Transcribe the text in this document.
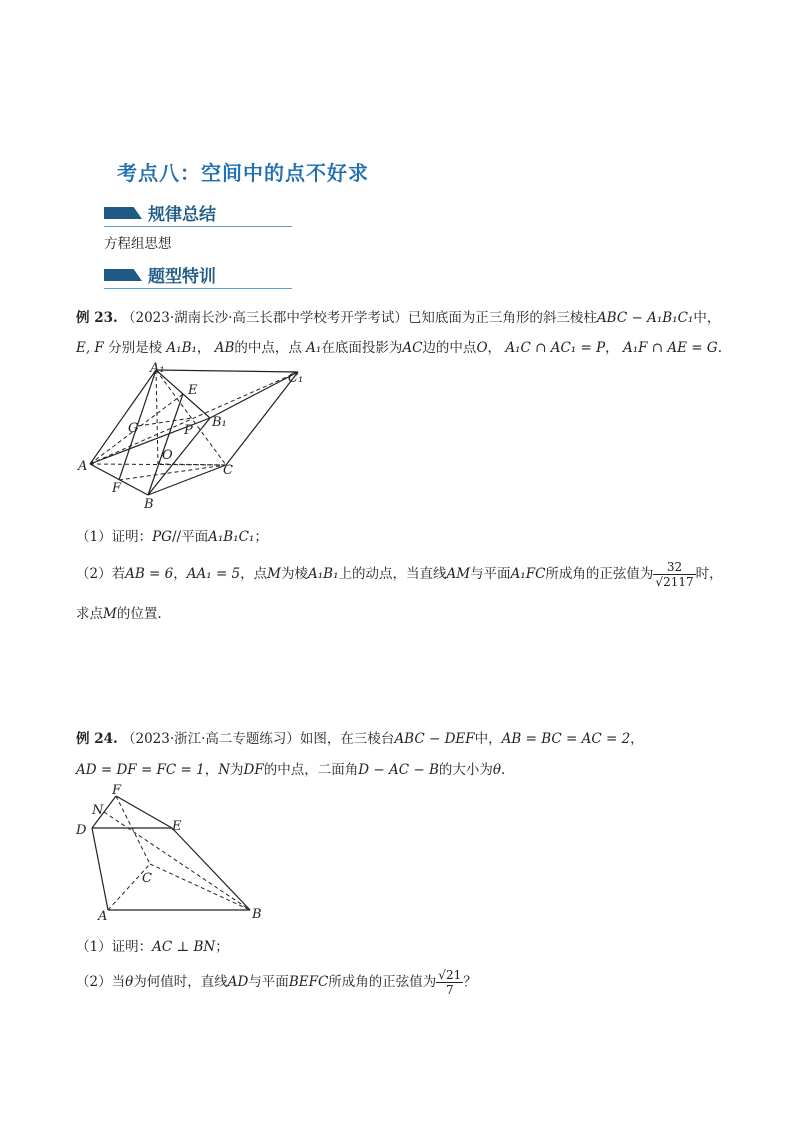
考点八：空间中的点不好求
规律总结
方程组思想
题型特训
例 23. （2023·湖南长沙·高三长郡中学校考开学考试）已知底面为正三角形的斜三棱柱ABC − A₁B₁C₁中，
E, F 分别是棱 A₁B₁， AB的中点，点 A₁在底面投影为AC边的中点O， A₁C ∩ AC₁ = P， A₁F ∩ AE = G.
A₁
E
C₁
B₁
G	P
A
O
C
F
B
（1）证明：PG//平面A₁B₁C₁；
（2）若AB = 6，AA₁ = 5，点M为棱A₁B₁上的动点，当直线AM与平面A₁FC所成角的正弦值为 $\frac{32}{√2117}$ 时，
求点M的位置.
例 24. （2023·浙江·高二专题练习）如图，在三棱台ABC − DEF中，AB = BC = AC = 2，
AD = DF = FC = 1，N为DF的中点，二面角D − AC − B的大小为θ.
F
N
D	E
C
A	B
（1）证明：AC ⊥ BN；
（2）当θ为何值时，直线AD与平面BEFC所成角的正弦值为 $\frac{√21}{7}$ ？
